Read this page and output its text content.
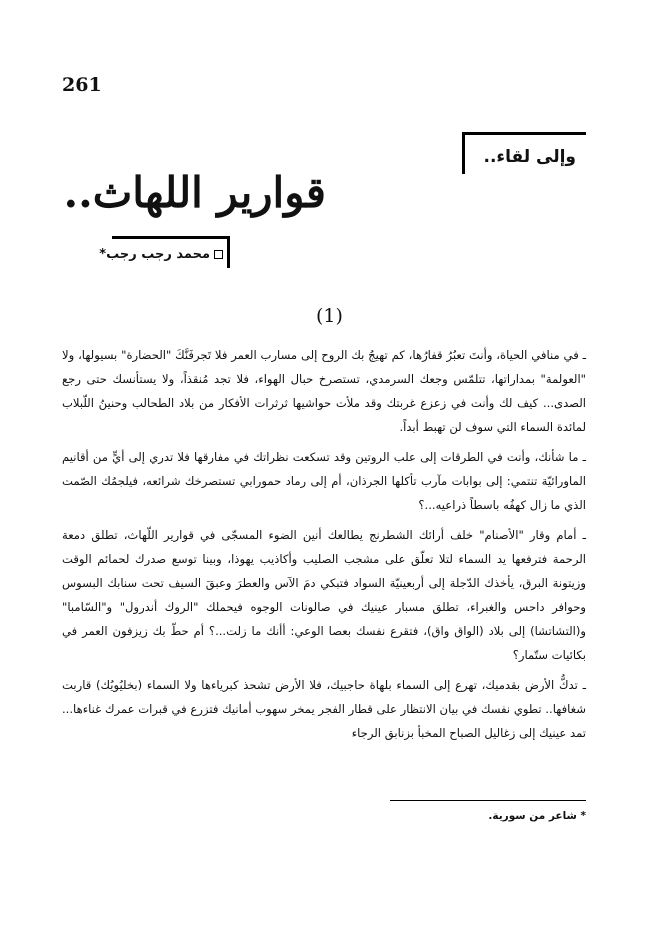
261
وإلى لقاء..
قوارير اللهاث..
محمد رجب رجب*
(1)

ـ في منافي الحياة، وأنتَ تعبُرُ قفارُها، كم تهيجُ بك الروح إلى مسارب العمر فلا تَجرفَنَّكَ "الحضارة" بسيولها، ولا "العولمة" بمداراتها، تتلمّس وجعك السرمدي، تستصرخ حبال الهواء، فلا تجد مُنقذاً، ولا يستأنسك حتى رجع الصدى... كيف لك وأنت في زعزع غربتك وقد ملأت حواشيها ثرثرات الأفكار من بلاد الطحالب وحنينُ اللّبلاب لمائدة السماء التي سوف لن تهبط أبداً.

ـ ما شأنك، وأنت في الطرقات إلى علب الروتين وقد تسكعت نظراتك في مفارقها فلا تدري إلى أيٍّ من أقانيم الماورائيّة تنتمي: إلى بوابات مآرب تأكلها الجرذان، أم إلى رماد حمورابي تستصرخك شرائعه، فيلجمُك الصّمت الذي ما زال كهفُه باسطاً ذراعيه...؟

ـ أمام وقار "الأصنام" خلف أرائك الشطرنج يطالعك أنين الضوء المسجّى في قوارير اللّهاث، تطلق دمعة الرحمة فترفعها يد السماء لتلا تعلّق على مشجب الصليب وأكاذيب يهوذا، وبينا توسع صدرك لحمائم الوقت وزيتونة البرق، يأخذك الدّجلة إلى أربعينيّة السواد فتبكي دمَ الآس والعطرَ وعبقَ السيف تحت سنابك البسوس وحوافر داحس والغبراء، تطلق مسبار عينيك في صالونات الوجوه فيحملك "الروك أندرول" و"السّامبا" و(التشاتشا) إلى بلاد (الواق واق)، فتقرع نفسك بعصا الوعي: أأنك ما زلت...؟ أم حطّ بك زيزفون العمر في بكائيات ستّمار؟

ـ تدكُّ الأرض بقدميك، تهرع إلى السماء بلهاة حاجبيك، فلا الأرض تشحذ كبرياءها ولا السماء (بخليُويُك) قاربت شغافها.. تطوي نفسك في بيان الانتظار على قطار الفجر يمخر سهوب أمانيك فتزرع في قبرات عمرك غناءها... تمد عينيك إلى زغاليل الصباح المخبأ بزنابق الرجاء

* شاعر من سورية.
